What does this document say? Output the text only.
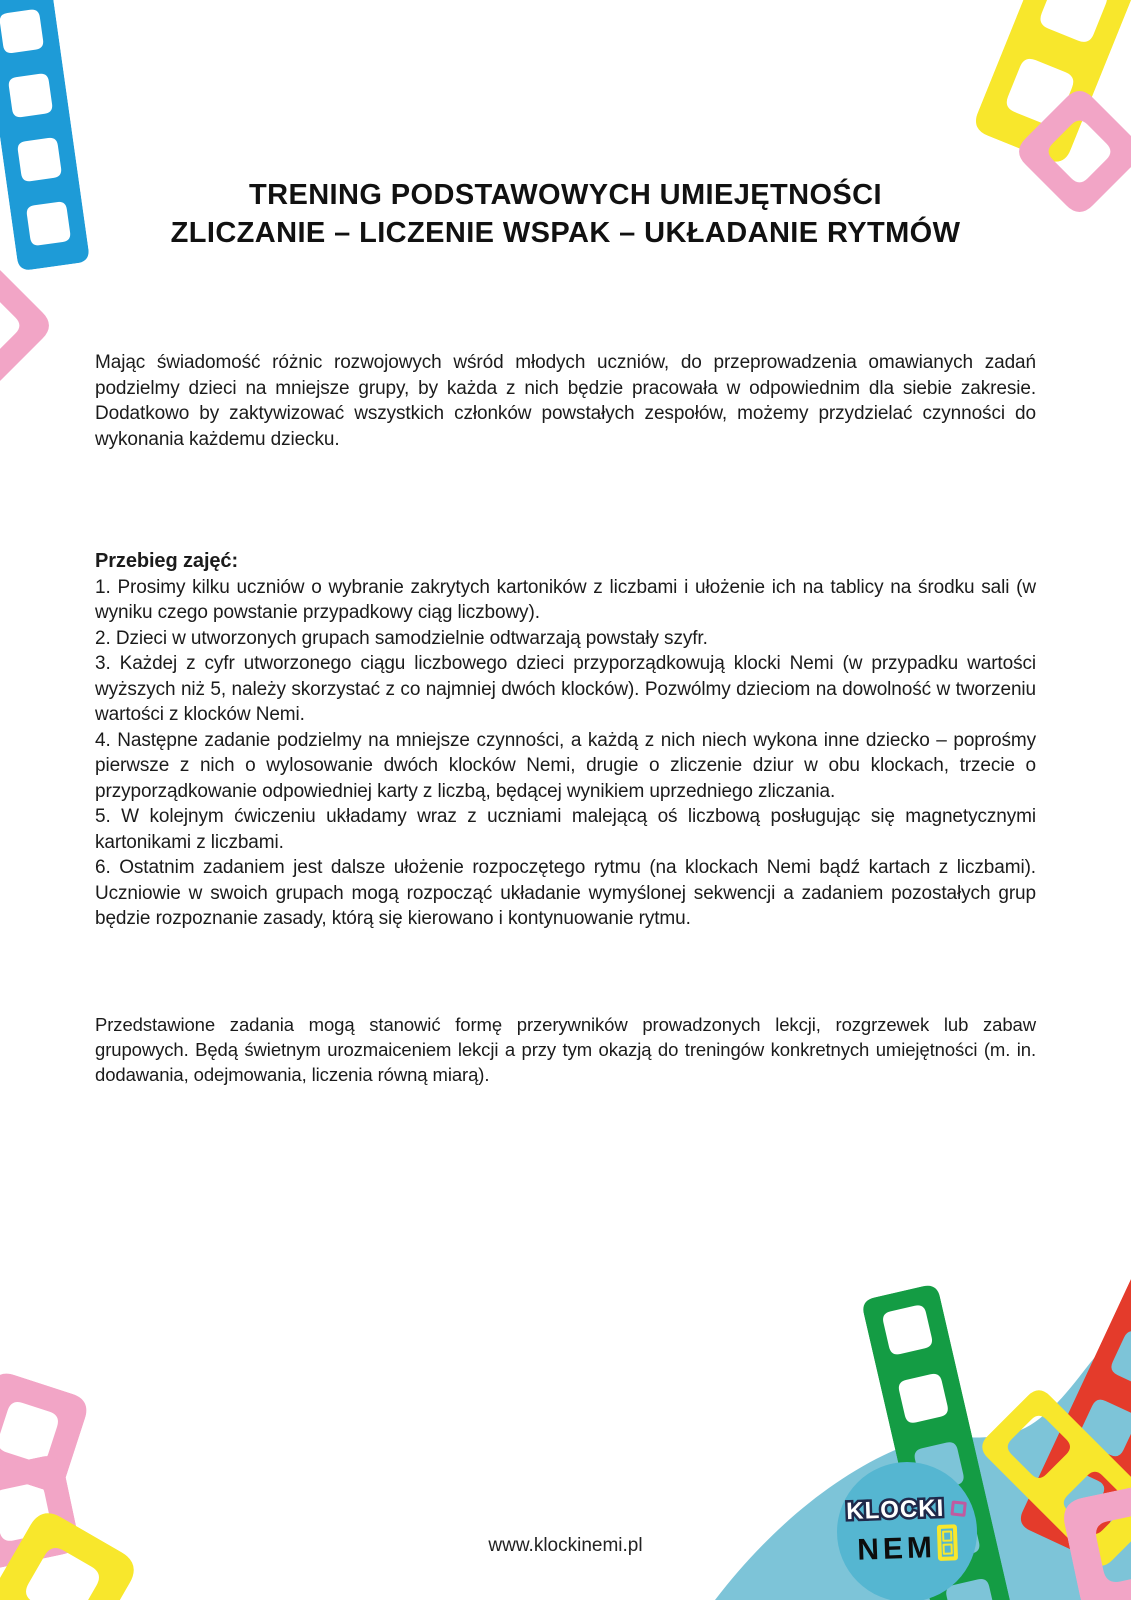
TRENING PODSTAWOWYCH UMIEJĘTNOŚCI
ZLICZANIE – LICZENIE WSPAK – UKŁADANIE RYTMÓW
Mając świadomość różnic rozwojowych wśród młodych uczniów, do przeprowadzenia omawianych zadań podzielmy dzieci na mniejsze grupy, by każda z nich będzie pracowała w odpowiednim dla siebie zakresie. Dodatkowo by zaktywizować wszystkich członków powstałych zespołów, możemy przydzielać czynności do wykonania każdemu dziecku.

Przebieg zajęć:

1. Prosimy kilku uczniów o wybranie zakrytych kartoników z liczbami i ułożenie ich na tablicy na środku sali (w wyniku czego powstanie przypadkowy ciąg liczbowy).

2. Dzieci w utworzonych grupach samodzielnie odtwarzają powstały szyfr.

3. Każdej z cyfr utworzonego ciągu liczbowego dzieci przyporządkowują klocki Nemi (w przypadku wartości wyższych niż 5, należy skorzystać z co najmniej dwóch klocków). Pozwólmy dzieciom na dowolność w tworzeniu wartości z klocków Nemi.

4. Następne zadanie podzielmy na mniejsze czynności, a każdą z nich niech wykona inne dziecko – poprośmy pierwsze z nich o wylosowanie dwóch klocków Nemi, drugie o zliczenie dziur w obu klockach, trzecie o przyporządkowanie odpowiedniej karty z liczbą, będącej wynikiem uprzedniego zliczania.

5. W kolejnym ćwiczeniu układamy wraz z uczniami malejącą oś liczbową posługując się magnetycznymi kartonikami z liczbami.

6. Ostatnim zadaniem jest dalsze ułożenie rozpoczętego rytmu (na klockach Nemi bądź kartach z liczbami). Uczniowie w swoich grupach mogą rozpocząć układanie wymyślonej sekwencji a zadaniem pozostałych grup będzie rozpoznanie zasady, którą się kierowano i kontynuowanie rytmu.

Przedstawione zadania mogą stanowić formę przerywników prowadzonych lekcji, rozgrzewek lub zabaw grupowych. Będą świetnym urozmaiceniem lekcji a przy tym okazją do treningów konkretnych umiejętności (m. in. dodawania, odejmowania, liczenia równą miarą).
KLOCKI
NEM
www.klockinemi.pl
